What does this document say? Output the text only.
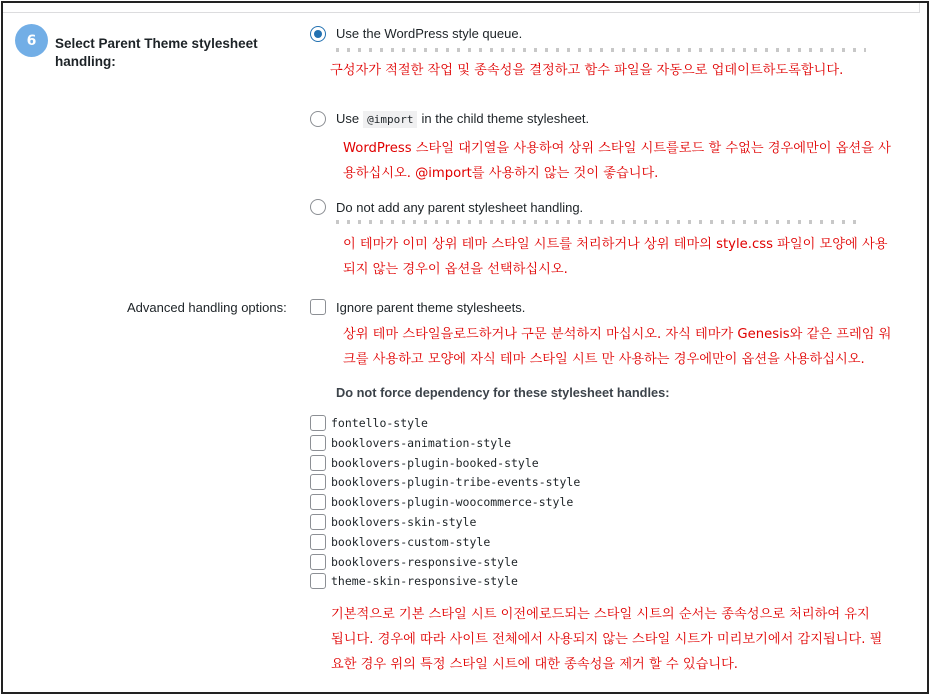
6	Select Parent Theme stylesheet handling:
Use the WordPress style queue.
구성자가 적절한 작업 및 종속성을 결정하고 함수 파일을 자동으로 업데이트하도록합니다.
Use @import in the child theme stylesheet.
WordPress 스타일 대기열을 사용하여 상위 스타일 시트를로드 할 수없는 경우에만이 옵션을 사
용하십시오. @import를 사용하지 않는 것이 좋습니다.
Do not add any parent stylesheet handling.
이 테마가 이미 상위 테마 스타일 시트를 처리하거나 상위 테마의 style.css 파일이 모양에 사용
되지 않는 경우이 옵션을 선택하십시오.
Advanced handling options:	Ignore parent theme stylesheets.
상위 테마 스타일을로드하거나 구문 분석하지 마십시오. 자식 테마가 Genesis와 같은 프레임 워
크를 사용하고 모양에 자식 테마 스타일 시트 만 사용하는 경우에만이 옵션을 사용하십시오.
Do not force dependency for these stylesheet handles:
fontello-style
booklovers-animation-style
booklovers-plugin-booked-style
booklovers-plugin-tribe-events-style
booklovers-plugin-woocommerce-style
booklovers-skin-style
booklovers-custom-style
booklovers-responsive-style
theme-skin-responsive-style
기본적으로 기본 스타일 시트 이전에로드되는 스타일 시트의 순서는 종속성으로 처리하여 유지
됩니다. 경우에 따라 사이트 전체에서 사용되지 않는 스타일 시트가 미리보기에서 감지됩니다. 필
요한 경우 위의 특정 스타일 시트에 대한 종속성을 제거 할 수 있습니다.
